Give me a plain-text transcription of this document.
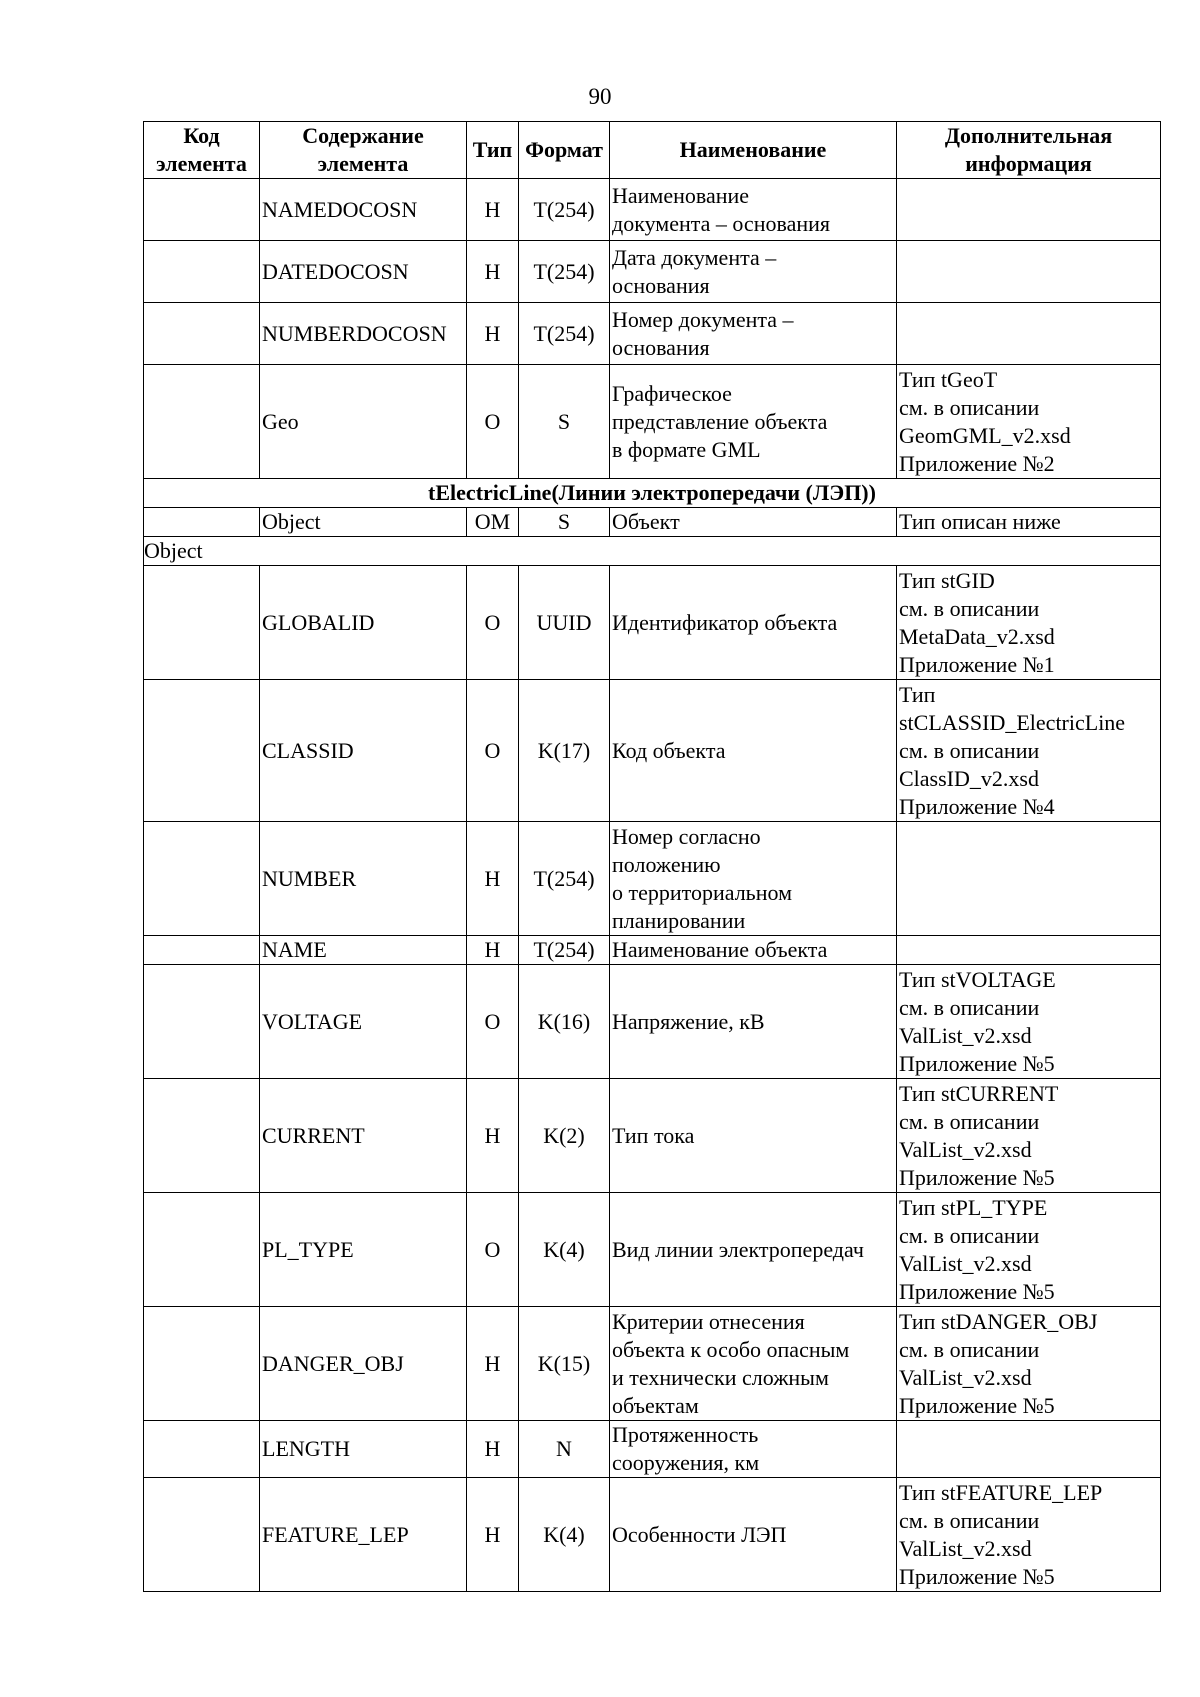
90
Код элемента	Содержание элемента	Тип	Формат	Наименование	Дополнительная информация
	NAMEDOCOSN	Н	T(254)	Наименование
документа – основания	
	DATEDOCOSN	Н	T(254)	Дата документа –
основания	
	NUMBERDOCOSN	Н	T(254)	Номер документа –
основания	
	Geo	О	S	Графическое
представление объекта
в формате GML	Тип tGeoT
см. в описании
GeomGML_v2.xsd
Приложение №2
tElectricLine(Линии электропередачи (ЛЭП))					
	Object	ОМ	S	Объект	Тип описан ниже
Object					
	GLOBALID	О	UUID	Идентификатор объекта	Тип stGID
см. в описании
MetaData_v2.xsd
Приложение №1
	CLASSID	О	K(17)	Код объекта	Тип
stCLASSID_ElectricLine
см. в описании
ClassID_v2.xsd
Приложение №4
	NUMBER	Н	T(254)	Номер согласно
положению
о территориальном
планировании	
	NAME	Н	T(254)	Наименование объекта	
	VOLTAGE	О	K(16)	Напряжение, кВ	Тип stVOLTAGE
см. в описании
ValList_v2.xsd
Приложение №5
	CURRENT	Н	K(2)	Тип тока	Тип stCURRENT
см. в описании
ValList_v2.xsd
Приложение №5
	PL_TYPE	О	K(4)	Вид линии электропередач	Тип stPL_TYPE
см. в описании
ValList_v2.xsd
Приложение №5
	DANGER_OBJ	Н	K(15)	Критерии отнесения
объекта к особо опасным
и технически сложным
объектам	Тип stDANGER_OBJ
см. в описании
ValList_v2.xsd
Приложение №5
	LENGTH	Н	N	Протяженность
сооружения, км	
	FEATURE_LEP	Н	K(4)	Особенности ЛЭП	Тип stFEATURE_LEP
см. в описании
ValList_v2.xsd
Приложение №5
